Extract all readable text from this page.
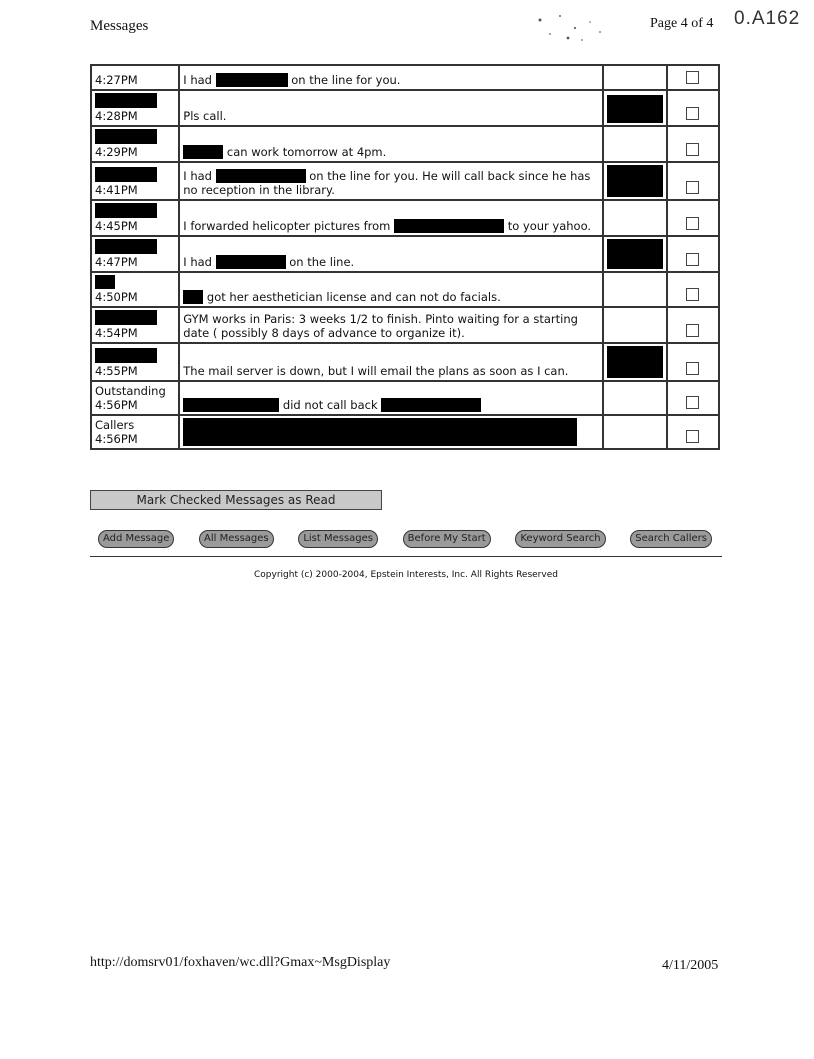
Messages	Page 4 of 4 0.A162
4:27PM	I had on the line for you.		

4:28PM	Pls call.	

4:29PM	can work tomorrow at 4pm.		

4:41PM	I had on the line for you. He will call back since he has no reception in the library.	

4:45PM	I forwarded helicopter pictures from to your yahoo.		

4:47PM	I had on the line.	

4:50PM	got her aesthetician license and can not do facials.		

4:54PM	GYM works in Paris: 3 weeks 1/2 to finish. Pinto waiting for a starting date ( possibly 8 days of advance to organize it).		

4:55PM	The mail server is down, but I will email the plans as soon as I can.	

Outstanding 4:56PM	did not call back		
Callers 4:56PM			
Mark Checked Messages as Read
Add Message	All Messages	List Messages	Before My Start	Keyword Search	Search Callers
Copyright (c) 2000-2004, Epstein Interests, Inc. All Rights Reserved
http://domsrv01/foxhaven/wc.dll?Gmax~MsgDisplay	4/11/2005
